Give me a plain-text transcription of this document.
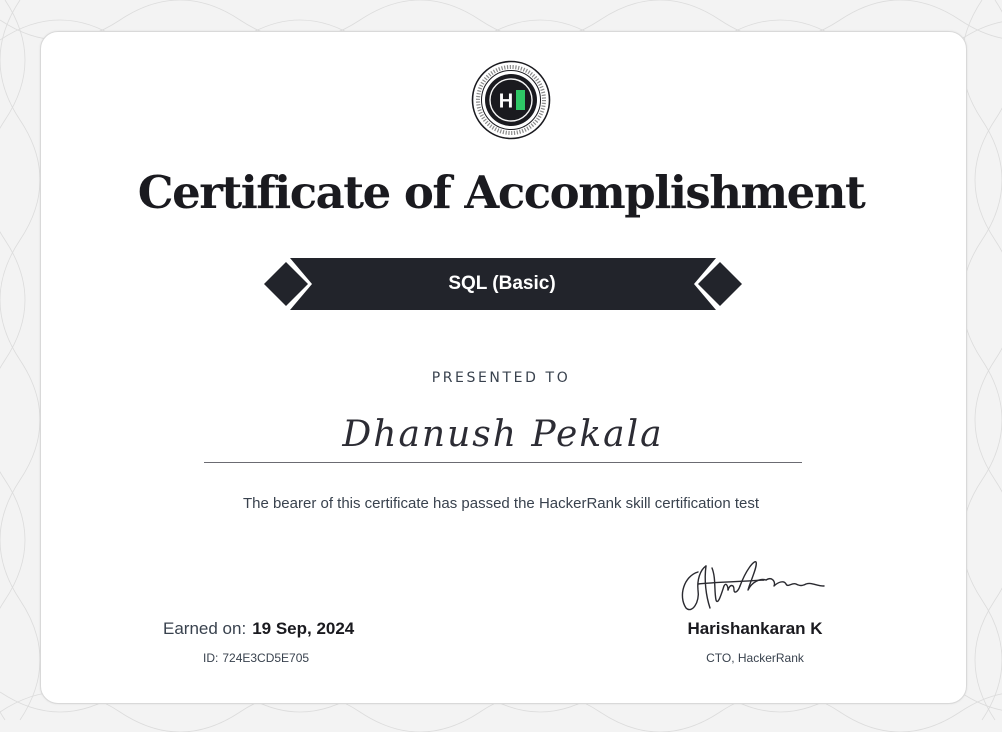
H
Certificate of Accomplishment
SQL (Basic)
PRESENTED TO
Dhanush Pekala
The bearer of this certificate has passed the HackerRank skill certification test
Earned on: 19 Sep, 2024
ID: 724E3CD5E705
Harishankaran K
CTO, HackerRank
